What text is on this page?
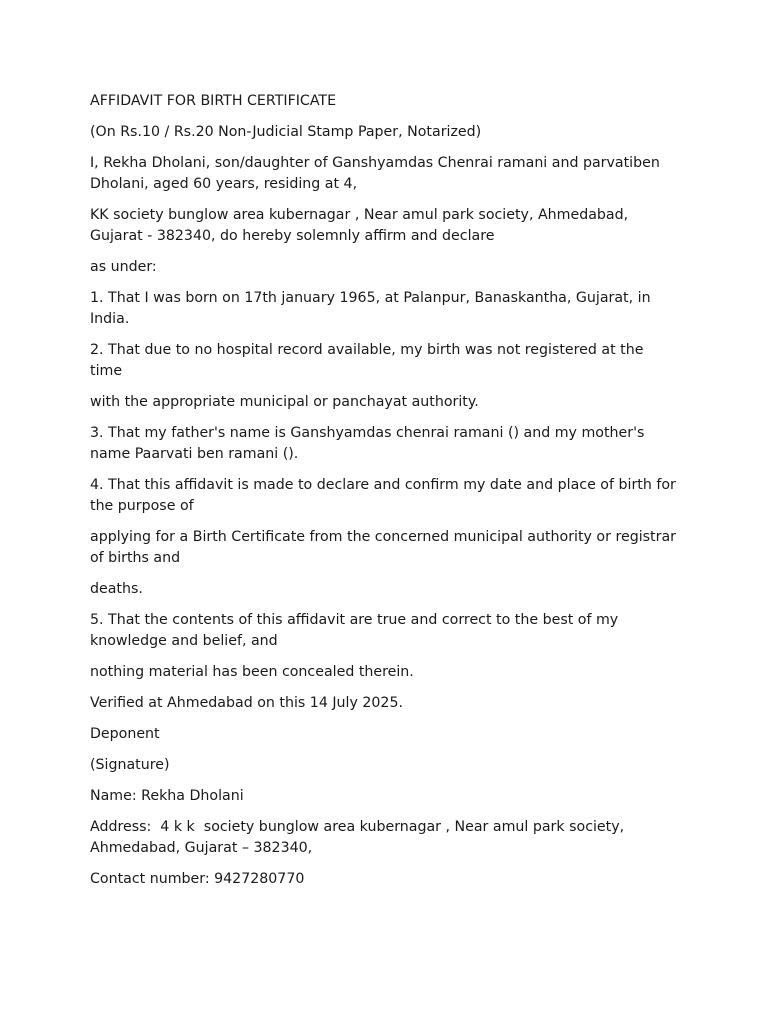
AFFIDAVIT FOR BIRTH CERTIFICATE

(On Rs.10 / Rs.20 Non-Judicial Stamp Paper, Notarized)

I, Rekha Dholani, son/daughter of Ganshyamdas Chenrai ramani and parvatiben Dholani, aged 60 years, residing at 4,

KK society bunglow area kubernagar , Near amul park society, Ahmedabad, Gujarat - 382340, do hereby solemnly affirm and declare

as under:

1. That I was born on 17th january 1965, at Palanpur, Banaskantha, Gujarat, in India.

2. That due to no hospital record available, my birth was not registered at the time

with the appropriate municipal or panchayat authority.

3. That my father's name is Ganshyamdas chenrai ramani () and my mother's name Paarvati ben ramani ().

4. That this affidavit is made to declare and confirm my date and place of birth for the purpose of

applying for a Birth Certificate from the concerned municipal authority or registrar of births and

deaths.

5. That the contents of this affidavit are true and correct to the best of my knowledge and belief, and

nothing material has been concealed therein.

Verified at Ahmedabad on this 14 July 2025.

Deponent

(Signature)

Name: Rekha Dholani

Address:  4 k k  society bunglow area kubernagar , Near amul park society, Ahmedabad, Gujarat – 382340,

Contact number: 9427280770
